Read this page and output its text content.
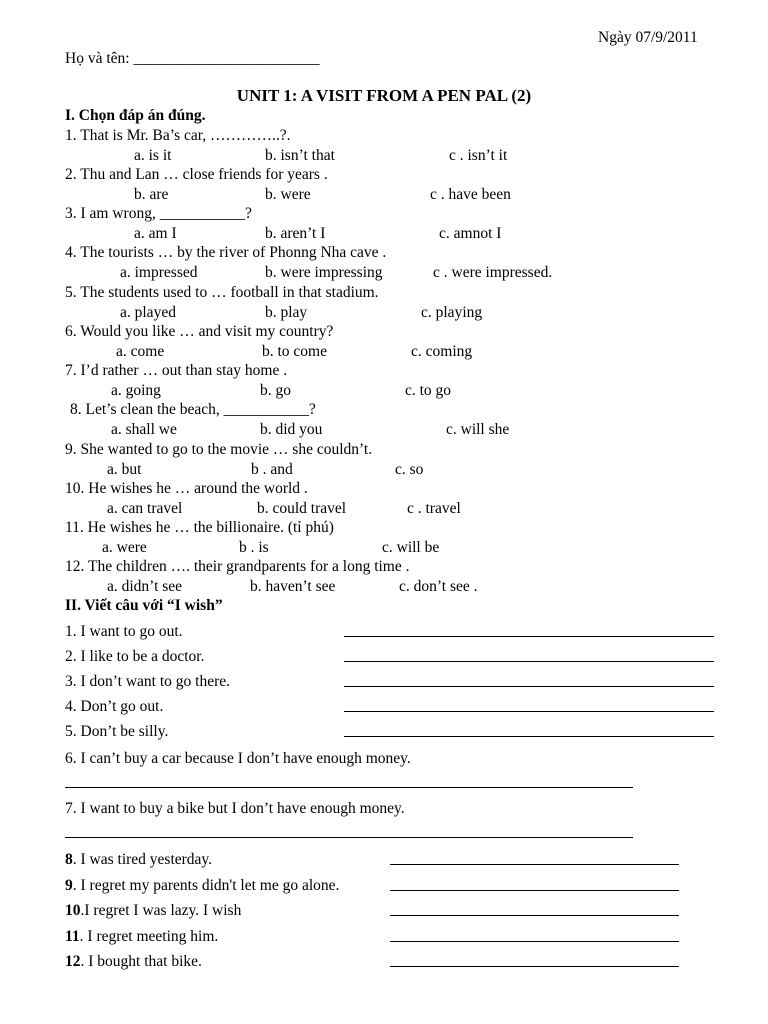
Ngày 07/9/2011
Họ và tên: ________________________
UNIT 1: A VISIT FROM A PEN PAL (2)
I. Chọn đáp án đúng.
1. That is Mr. Ba’s car, …………..?.
a. is it	b. isn’t that	c . isn’t it
2. Thu and Lan … close friends for years .
b. are	b. were	c . have been
3. I am wrong, ___________?
a. am I	b. aren’t I	c. amnot I
4. The tourists … by the river of Phonng Nha cave .
a. impressed	b. were impressing	c . were impressed.
5. The students used to … football in that stadium.
a. played	b. play	c. playing
6. Would you like … and visit my country?
a. come	b. to come	c. coming
7. I’d rather … out than stay home .
a. going	b. go	c. to go
8. Let’s clean the beach, ___________?
a. shall we	b. did you	c. will she
9. She wanted to go to the movie … she couldn’t.
a. but	b . and	c. so
10. He wishes he … around the world .
a. can travel	b. could travel	c . travel
11. He wishes he … the billionaire. (tỉ phú)
a. were	b . is	c. will be
12. The children …. their grandparents for a long time .
a. didn’t see	b. haven’t see	c. don’t see .
II. Viết câu với “I wish”
1. I want to go out.
2. I like to be a doctor.
3. I don’t want to go there.
4. Don’t go out.
5. Don’t be silly.
6. I can’t buy a car because I don’t have enough money.
7. I want to buy a bike but I don’t have enough money.
8. I was tired yesterday.
9. I regret my parents didn't let me go alone.
10.I regret I was lazy. I wish
11. I regret meeting him.
12. I bought that bike.
